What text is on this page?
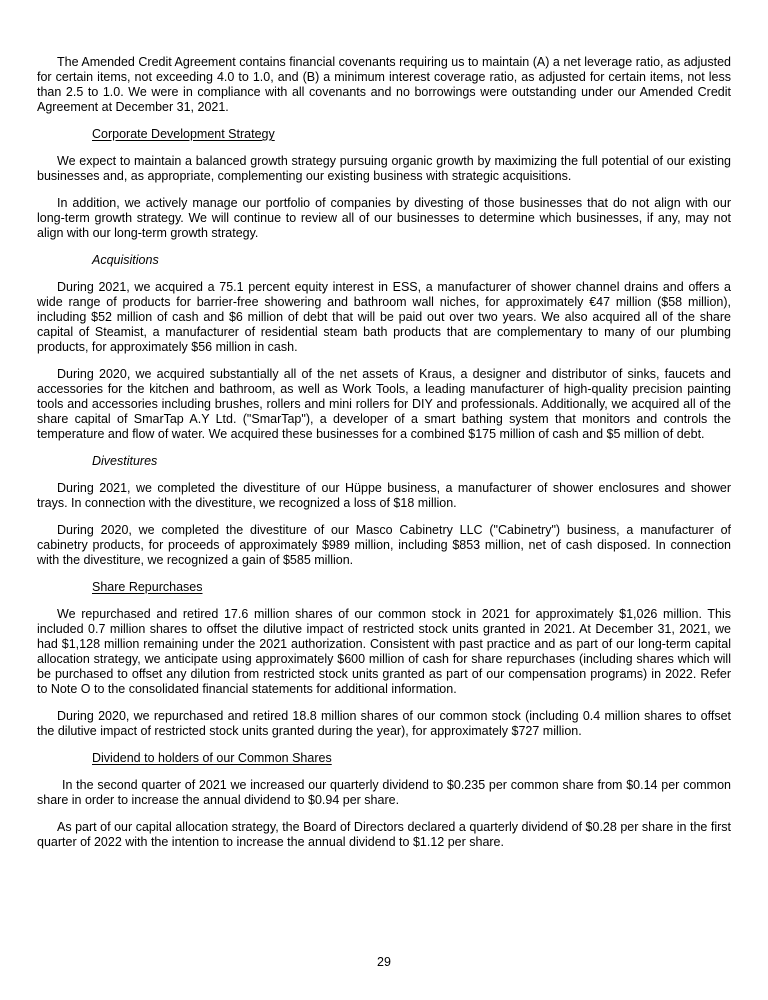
The Amended Credit Agreement contains financial covenants requiring us to maintain (A) a net leverage ratio, as adjusted for certain items, not exceeding 4.0 to 1.0, and (B) a minimum interest coverage ratio, as adjusted for certain items, not less than 2.5 to 1.0. We were in compliance with all covenants and no borrowings were outstanding under our Amended Credit Agreement at December 31, 2021.

Corporate Development Strategy

We expect to maintain a balanced growth strategy pursuing organic growth by maximizing the full potential of our existing businesses and, as appropriate, complementing our existing business with strategic acquisitions.

In addition, we actively manage our portfolio of companies by divesting of those businesses that do not align with our long-term growth strategy. We will continue to review all of our businesses to determine which businesses, if any, may not align with our long-term growth strategy.

Acquisitions

During 2021, we acquired a 75.1 percent equity interest in ESS, a manufacturer of shower channel drains and offers a wide range of products for barrier-free showering and bathroom wall niches, for approximately €47 million ($58 million), including $52 million of cash and $6 million of debt that will be paid out over two years. We also acquired all of the share capital of Steamist, a manufacturer of residential steam bath products that are complementary to many of our plumbing products, for approximately $56 million in cash.

During 2020, we acquired substantially all of the net assets of Kraus, a designer and distributor of sinks, faucets and accessories for the kitchen and bathroom, as well as Work Tools, a leading manufacturer of high-quality precision painting tools and accessories including brushes, rollers and mini rollers for DIY and professionals. Additionally, we acquired all of the share capital of SmarTap A.Y Ltd. ("SmarTap"), a developer of a smart bathing system that monitors and controls the temperature and flow of water. We acquired these businesses for a combined $175 million of cash and $5 million of debt.

Divestitures

During 2021, we completed the divestiture of our Hüppe business, a manufacturer of shower enclosures and shower trays. In connection with the divestiture, we recognized a loss of $18 million.

During 2020, we completed the divestiture of our Masco Cabinetry LLC ("Cabinetry") business, a manufacturer of cabinetry products, for proceeds of approximately $989 million, including $853 million, net of cash disposed. In connection with the divestiture, we recognized a gain of $585 million.

Share Repurchases

We repurchased and retired 17.6 million shares of our common stock in 2021 for approximately $1,026 million. This included 0.7 million shares to offset the dilutive impact of restricted stock units granted in 2021. At December 31, 2021, we had $1,128 million remaining under the 2021 authorization. Consistent with past practice and as part of our long-term capital allocation strategy, we anticipate using approximately $600 million of cash for share repurchases (including shares which will be purchased to offset any dilution from restricted stock units granted as part of our compensation programs) in 2022. Refer to Note O to the consolidated financial statements for additional information.

During 2020, we repurchased and retired 18.8 million shares of our common stock (including 0.4 million shares to offset the dilutive impact of restricted stock units granted during the year), for approximately $727 million.

Dividend to holders of our Common Shares

In the second quarter of 2021 we increased our quarterly dividend to $0.235 per common share from $0.14 per common share in order to increase the annual dividend to $0.94 per share.

As part of our capital allocation strategy, the Board of Directors declared a quarterly dividend of $0.28 per share in the first quarter of 2022 with the intention to increase the annual dividend to $1.12 per share.

29
